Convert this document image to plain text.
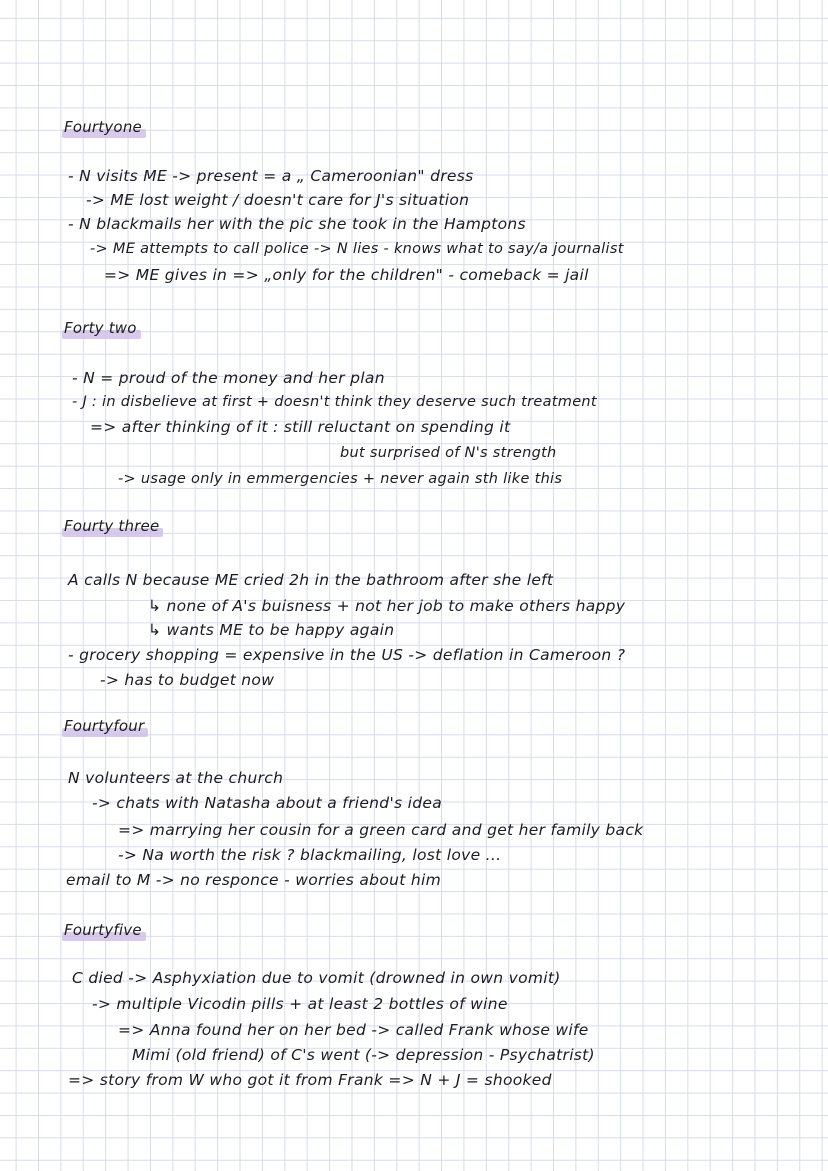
Fourtyone
- N visits ME -> present = a „ Cameroonian" dress
-> ME lost weight / doesn't care for J's situation
- N blackmails her with the pic she took in the Hamptons
-> ME attempts to call police -> N lies - knows what to say/a journalist
=> ME gives in => „only for the children" - comeback = jail
Forty two
- N = proud of the money and her plan
- J : in disbelieve at first + doesn't think they deserve such treatment
=> after thinking of it : still reluctant on spending it
but surprised of N's strength
-> usage only in emmergencies + never again sth like this
Fourty three
A calls N because ME cried 2h in the bathroom after she left
↳ none of A's buisness + not her job to make others happy
↳ wants ME to be happy again
- grocery shopping = expensive in the US -> deflation in Cameroon ?
-> has to budget now
Fourtyfour
N volunteers at the church
-> chats with Natasha about a friend's idea
=> marrying her cousin for a green card and get her family back
-> Na worth the risk ? blackmailing, lost love ...
email to M -> no responce - worries about him
Fourtyfive
C died -> Asphyxiation due to vomit (drowned in own vomit)
-> multiple Vicodin pills + at least 2 bottles of wine
=> Anna found her on her bed -> called Frank whose wife
Mimi (old friend) of C's went (-> depression - Psychatrist)
=> story from W who got it from Frank => N + J = shooked
